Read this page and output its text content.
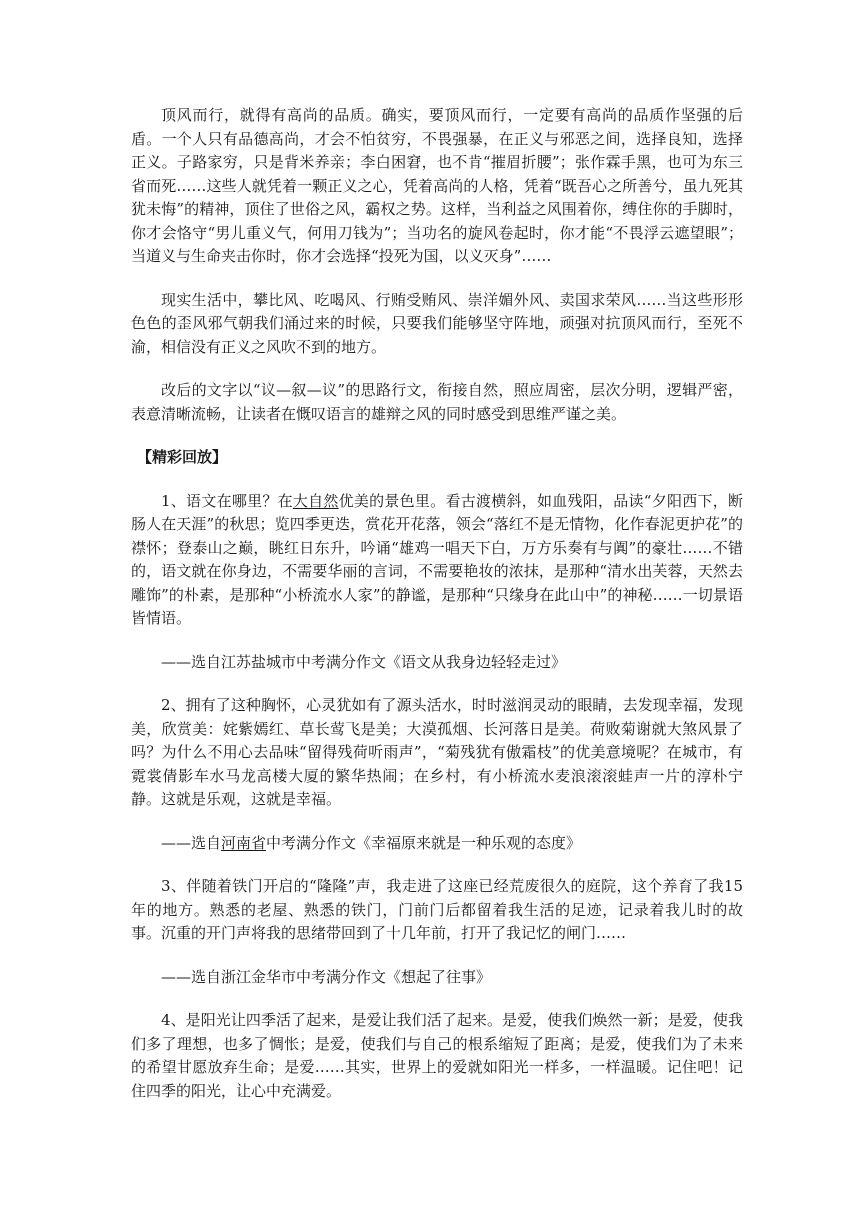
顶风而行，就得有高尚的品质。确实，要顶风而行，一定要有高尚的品质作坚强的后盾。一个人只有品德高尚，才会不怕贫穷，不畏强暴，在正义与邪恶之间，选择良知，选择正义。子路家穷，只是背米养亲；李白困窘，也不肯“摧眉折腰”；张作霖手黑，也可为东三省而死……这些人就凭着一颗正义之心，凭着高尚的人格，凭着“既吾心之所善兮，虽九死其犹未悔”的精神，顶住了世俗之风，霸权之势。这样，当利益之风围着你，缚住你的手脚时，你才会恪守“男儿重义气，何用刀钱为”；当功名的旋风卷起时，你才能“不畏浮云遮望眼”；当道义与生命夹击你时，你才会选择“投死为国，以义灭身”……

现实生活中，攀比风、吃喝风、行贿受贿风、崇洋媚外风、卖国求荣风……当这些形形色色的歪风邪气朝我们涌过来的时候，只要我们能够坚守阵地，顽强对抗顶风而行，至死不渝，相信没有正义之风吹不到的地方。

改后的文字以“议—叙—议”的思路行文，衔接自然，照应周密，层次分明，逻辑严密，表意清晰流畅，让读者在慨叹语言的雄辩之风的同时感受到思维严谨之美。

【精彩回放】

1、语文在哪里？在大自然优美的景色里。看古渡横斜，如血残阳，品读“夕阳西下，断肠人在天涯”的秋思；览四季更迭，赏花开花落，领会“落红不是无情物，化作春泥更护花”的襟怀；登泰山之巅，眺红日东升，吟诵“雄鸡一唱天下白，万方乐奏有与阗”的豪壮……不错的，语文就在你身边，不需要华丽的言词，不需要艳妆的浓抹，是那种“清水出芙蓉，天然去雕饰”的朴素，是那种“小桥流水人家”的静谧，是那种“只缘身在此山中”的神秘……一切景语皆情语。

——选自江苏盐城市中考满分作文《语文从我身边轻轻走过》

2、拥有了这种胸怀，心灵犹如有了源头活水，时时滋润灵动的眼睛，去发现幸福，发现美，欣赏美：姹紫嫣红、草长莺飞是美；大漠孤烟、长河落日是美。荷败菊谢就大煞风景了吗？为什么不用心去品味“留得残荷听雨声”，“菊残犹有傲霜枝”的优美意境呢？在城市，有霓裳倩影车水马龙高楼大厦的繁华热闹；在乡村，有小桥流水麦浪滚滚蛙声一片的淳朴宁静。这就是乐观，这就是幸福。

——选自河南省中考满分作文《幸福原来就是一种乐观的态度》

3、伴随着铁门开启的“隆隆”声，我走进了这座已经荒废很久的庭院，这个养育了我15年的地方。熟悉的老屋、熟悉的铁门，门前门后都留着我生活的足迹，记录着我儿时的故事。沉重的开门声将我的思绪带回到了十几年前，打开了我记忆的闸门……

——选自浙江金华市中考满分作文《想起了往事》

4、是阳光让四季活了起来，是爱让我们活了起来。是爱，使我们焕然一新；是爱，使我们多了理想，也多了惆怅；是爱，使我们与自己的根系缩短了距离；是爱，使我们为了未来的希望甘愿放弃生命；是爱……其实，世界上的爱就如阳光一样多，一样温暖。记住吧！记住四季的阳光，让心中充满爱。
